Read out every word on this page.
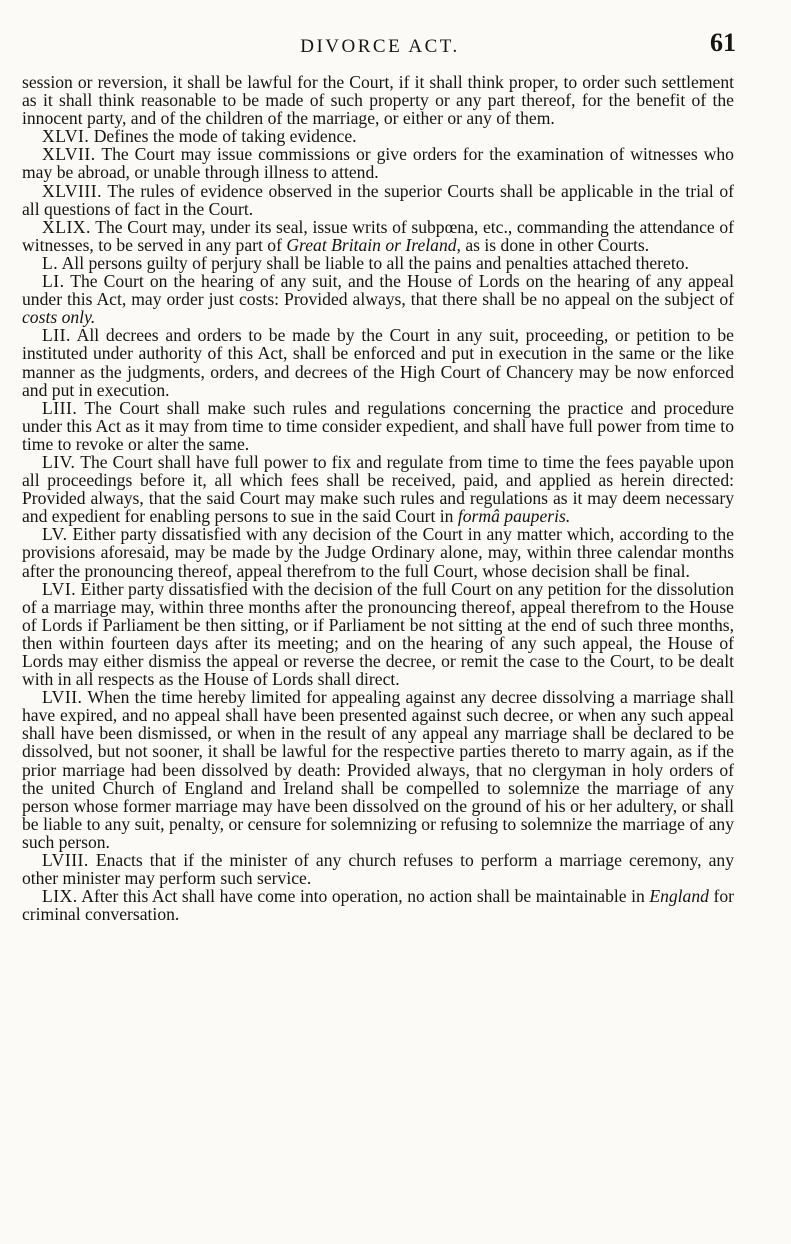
DIVORCE ACT.	61

session or reversion, it shall be lawful for the Court, if it shall think proper, to order such settlement as it shall think reasonable to be made of such property or any part thereof, for the benefit of the innocent party, and of the children of the marriage, or either or any of them.

XLVI. Defines the mode of taking evidence.

XLVII. The Court may issue commissions or give orders for the examination of witnesses who may be abroad, or unable through illness to attend.

XLVIII. The rules of evidence observed in the superior Courts shall be applicable in the trial of all questions of fact in the Court.

XLIX. The Court may, under its seal, issue writs of subpœna, etc., commanding the attendance of witnesses, to be served in any part of Great Britain or Ireland, as is done in other Courts.

L. All persons guilty of perjury shall be liable to all the pains and penalties attached thereto.

LI. The Court on the hearing of any suit, and the House of Lords on the hearing of any appeal under this Act, may order just costs: Provided always, that there shall be no appeal on the subject of costs only.

LII. All decrees and orders to be made by the Court in any suit, proceeding, or petition to be instituted under authority of this Act, shall be enforced and put in execution in the same or the like manner as the judgments, orders, and decrees of the High Court of Chancery may be now enforced and put in execution.

LIII. The Court shall make such rules and regulations concerning the practice and procedure under this Act as it may from time to time consider expedient, and shall have full power from time to time to revoke or alter the same.

LIV. The Court shall have full power to fix and regulate from time to time the fees payable upon all proceedings before it, all which fees shall be received, paid, and applied as herein directed: Provided always, that the said Court may make such rules and regulations as it may deem necessary and expedient for enabling persons to sue in the said Court in formâ pauperis.

LV. Either party dissatisfied with any decision of the Court in any matter which, according to the provisions aforesaid, may be made by the Judge Ordinary alone, may, within three calendar months after the pronouncing thereof, appeal therefrom to the full Court, whose decision shall be final.

LVI. Either party dissatisfied with the decision of the full Court on any petition for the dissolution of a marriage may, within three months after the pronouncing thereof, appeal therefrom to the House of Lords if Parliament be then sitting, or if Parliament be not sitting at the end of such three months, then within fourteen days after its meeting; and on the hearing of any such appeal, the House of Lords may either dismiss the appeal or reverse the decree, or remit the case to the Court, to be dealt with in all respects as the House of Lords shall direct.

LVII. When the time hereby limited for appealing against any decree dissolving a marriage shall have expired, and no appeal shall have been presented against such decree, or when any such appeal shall have been dismissed, or when in the result of any appeal any marriage shall be declared to be dissolved, but not sooner, it shall be lawful for the respective parties thereto to marry again, as if the prior marriage had been dissolved by death: Provided always, that no clergyman in holy orders of the united Church of England and Ireland shall be compelled to solemnize the marriage of any person whose former marriage may have been dissolved on the ground of his or her adultery, or shall be liable to any suit, penalty, or censure for solemnizing or refusing to solemnize the marriage of any such person.

LVIII. Enacts that if the minister of any church refuses to perform a marriage ceremony, any other minister may perform such service.

LIX. After this Act shall have come into operation, no action shall be maintainable in England for criminal conversation.
